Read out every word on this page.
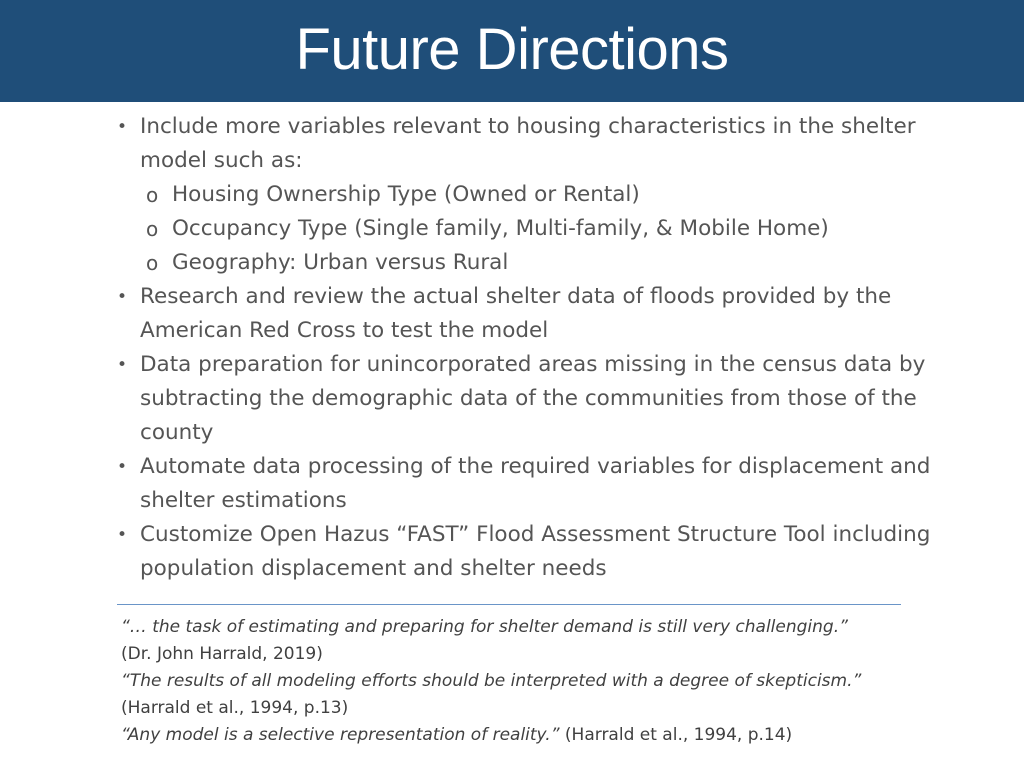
Future Directions
• Include more variables relevant to housing characteristics in the shelter model such as:
o Housing Ownership Type (Owned or Rental)
o Occupancy Type (Single family, Multi-family, & Mobile Home)
o Geography: Urban versus Rural
• Research and review the actual shelter data of floods provided by the American Red Cross to test the model
• Data preparation for unincorporated areas missing in the census data by subtracting the demographic data of the communities from those of the county
• Automate data processing of the required variables for displacement and shelter estimations
• Customize Open Hazus “FAST” Flood Assessment Structure Tool including population displacement and shelter needs
“… the task of estimating and preparing for shelter demand is still very challenging.”
(Dr. John Harrald, 2019)
“The results of all modeling efforts should be interpreted with a degree of skepticism.”
(Harrald et al., 1994, p.13)
“Any model is a selective representation of reality.” (Harrald et al., 1994, p.14)
